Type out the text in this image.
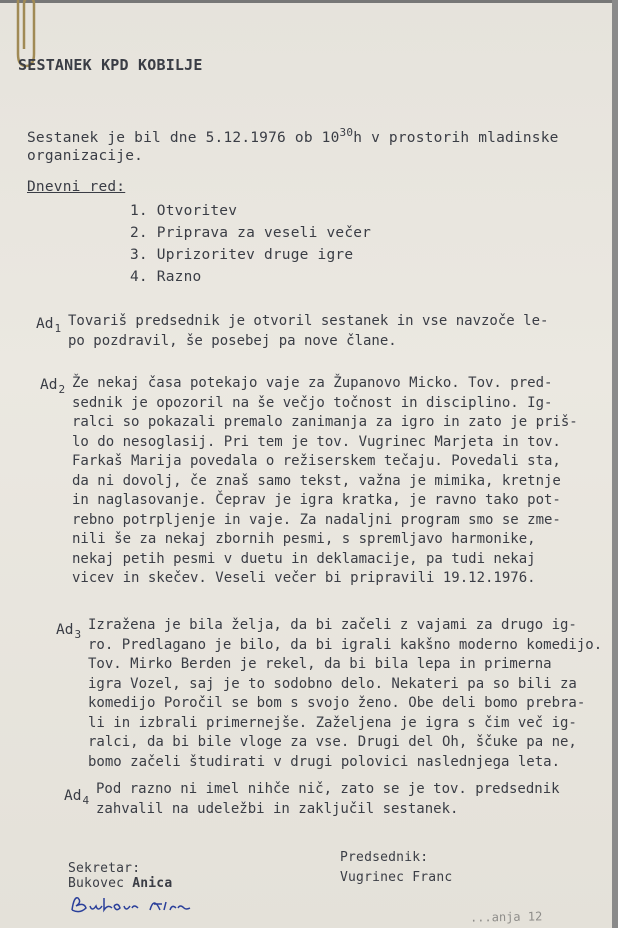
SESTANEK KPD KOBILJE
Sestanek je bil dne 5.12.1976 ob $10^{30}h$ v prostorih mladinske
organizacije.
Dnevni red:
1. Otvoritev
2. Priprava za veseli večer
3. Uprizoritev druge igre
4. Razno
$Ad_1$ Tovariš predsednik je otvoril sestanek in vse navzoče le-
po pozdravil, še posebej pa nove člane.
$Ad_2$ Že nekaj časa potekajo vaje za Županovo Micko. Tov. pred-
sednik je opozoril na še večjo točnost in disciplino. Ig-
ralci so pokazali premalo zanimanja za igro in zato je priš-
lo do nesoglasij. Pri tem je tov. Vugrinec Marjeta in tov.
Farkaš Marija povedala o režiserskem tečaju. Povedali sta,
da ni dovolj, če znaš samo tekst, važna je mimika, kretnje
in naglasovanje. Čeprav je igra kratka, je ravno tako pot-
rebno potrpljenje in vaje. Za nadaljni program smo se zme-
nili še za nekaj zbornih pesmi, s spremljavo harmonike,
nekaj petih pesmi v duetu in deklamacije, pa tudi nekaj
vicev in skečev. Veseli večer bi pripravili 19.12.1976.
$Ad_3$
Izražena je bila želja, da bi začeli z vajami za drugo ig-
ro. Predlagano je bilo, da bi igrali kakšno moderno komedijo.
Tov. Mirko Berden je rekel, da bi bila lepa in primerna
igra Vozel, saj je to sodobno delo. Nekateri pa so bili za
komedijo Poročil se bom s svojo ženo. Obe deli bomo prebra-
li in izbrali primernejše. Zaželjena je igra s čim več ig-
ralci, da bi bile vloge za vse. Drugi del Oh, ščuke pa ne,
bomo začeli študirati v drugi polovici naslednjega leta.
$Ad_4$
Pod razno ni imel nihče nič, zato se je tov. predsednik
zahvalil na udeležbi in zaključil sestanek.
Sekretar:
Bukovec Anica
Predsednik:
Vugrinec Franc
...anja 12
